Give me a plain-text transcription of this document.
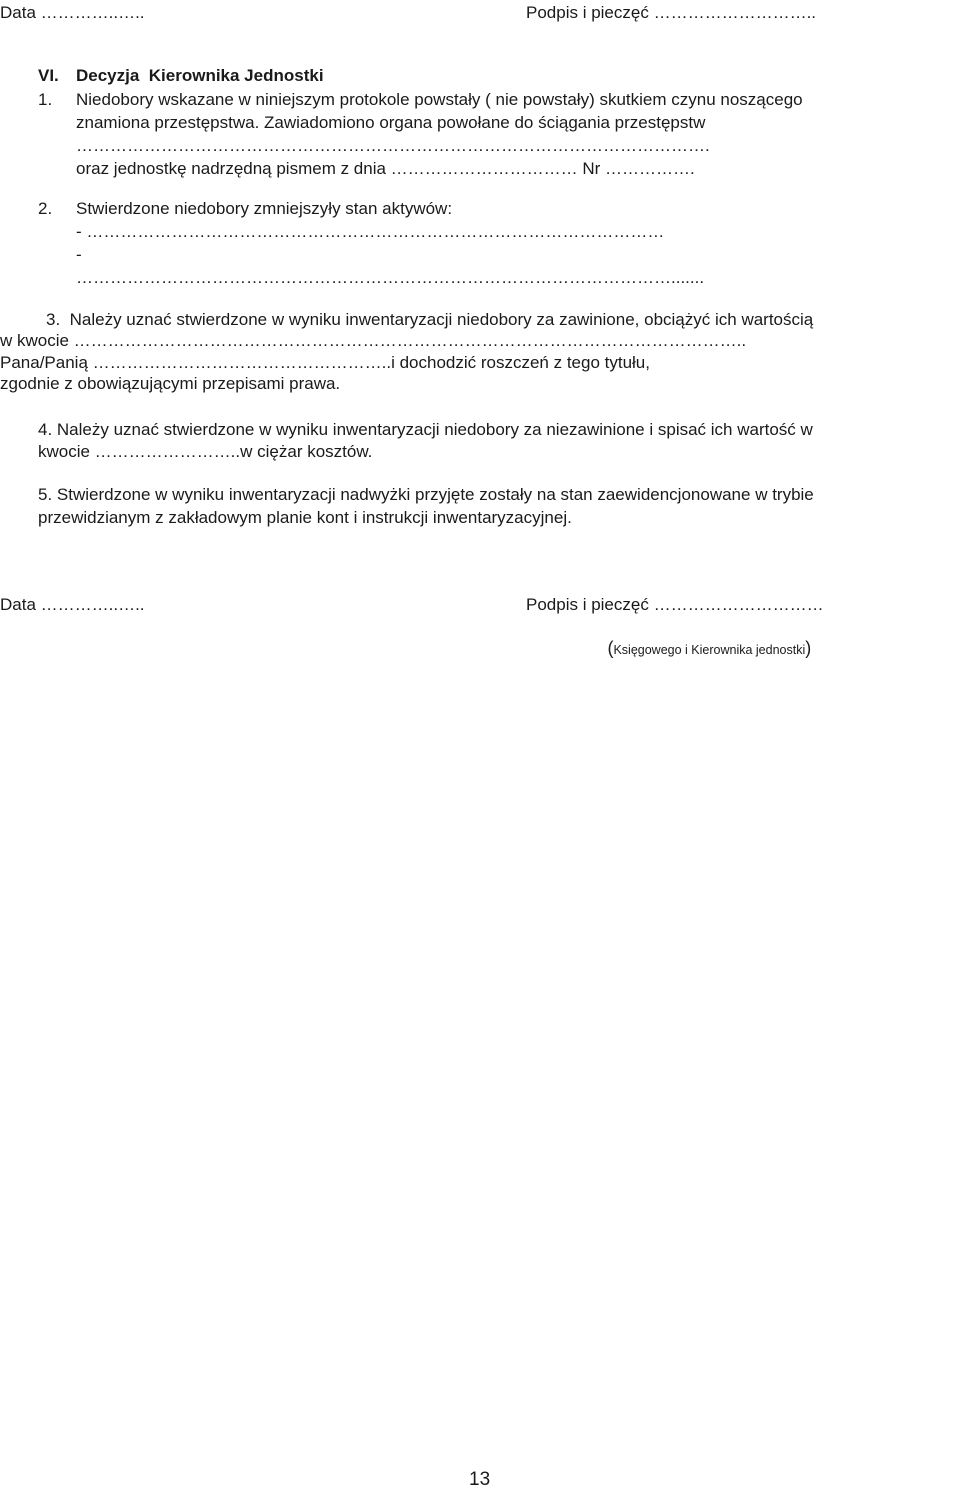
Data …………..…..	Podpis i pieczęć ………………………..
VI. Decyzja  Kierownika Jednostki
1. Niedobory wskazane w niniejszym protokole powstały ( nie powstały) skutkiem czynu noszącego
znamiona przestępstwa. Zawiadomiono organa powołane do ściągania przestępstw
………………………………………………………………………………………………….
oraz jednostkę nadrzędną pismem z dnia …………………………… Nr …………….
2. Stwierdzone niedobory zmniejszyły stan aktywów:
- …………………………………………………………………………………………
-
…………………………………………………………………………………………….......
3.  Należy uznać stwierdzone w wyniku inwentaryzacji niedobory za zawinione, obciążyć ich wartością
w kwocie ………………………………………………………………………………………………………..
Pana/Panią ……………………………………………..i dochodzić roszczeń z tego tytułu,
zgodnie z obowiązującymi przepisami prawa.
4. Należy uznać stwierdzone w wyniku inwentaryzacji niedobory za niezawinione i spisać ich wartość w
kwocie ……………………..w ciężar kosztów.
5. Stwierdzone w wyniku inwentaryzacji nadwyżki przyjęte zostały na stan zaewidencjonowane w trybie
przewidzianym z zakładowym planie kont i instrukcji inwentaryzacyjnej.
Data …………..…..	Podpis i pieczęć …………………………

(Księgowego i Kierownika jednostki)

13
